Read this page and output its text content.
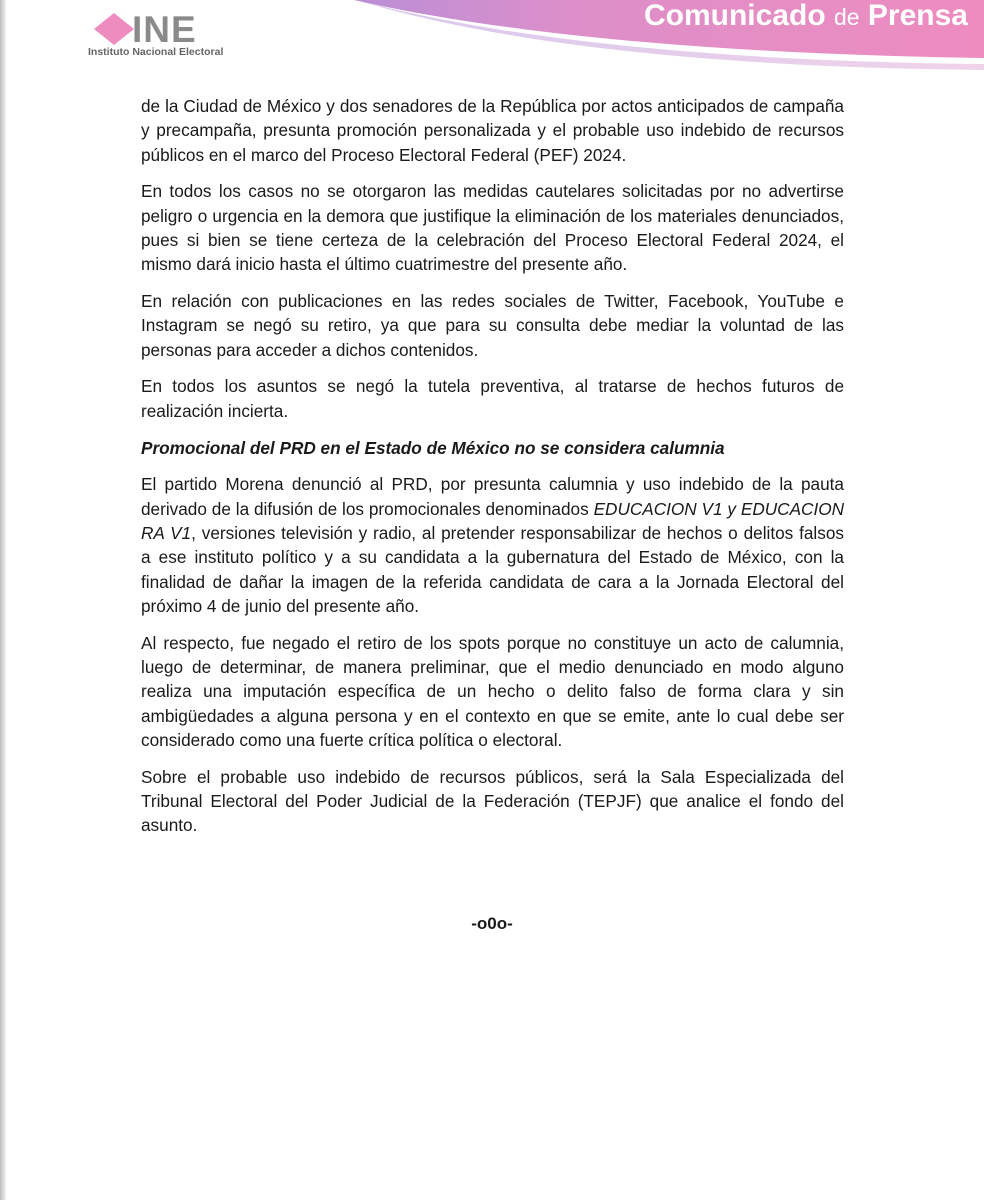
Comunicado de Prensa
INE
Instituto Nacional Electoral

de la Ciudad de México y dos senadores de la República por actos anticipados de campaña y precampaña, presunta promoción personalizada y el probable uso indebido de recursos públicos en el marco del Proceso Electoral Federal (PEF) 2024.

En todos los casos no se otorgaron las medidas cautelares solicitadas por no advertirse peligro o urgencia en la demora que justifique la eliminación de los materiales denunciados, pues si bien se tiene certeza de la celebración del Proceso Electoral Federal 2024, el mismo dará inicio hasta el último cuatrimestre del presente año.

En relación con publicaciones en las redes sociales de Twitter, Facebook, YouTube e Instagram se negó su retiro, ya que para su consulta debe mediar la voluntad de las personas para acceder a dichos contenidos.

En todos los asuntos se negó la tutela preventiva, al tratarse de hechos futuros de realización incierta.

Promocional del PRD en el Estado de México no se considera calumnia

El partido Morena denunció al PRD, por presunta calumnia y uso indebido de la pauta derivado de la difusión de los promocionales denominados EDUCACION V1 y EDUCACION RA V1, versiones televisión y radio, al pretender responsabilizar de hechos o delitos falsos a ese instituto político y a su candidata a la gubernatura del Estado de México, con la finalidad de dañar la imagen de la referida candidata de cara a la Jornada Electoral del próximo 4 de junio del presente año.

Al respecto, fue negado el retiro de los spots porque no constituye un acto de calumnia, luego de determinar, de manera preliminar, que el medio denunciado en modo alguno realiza una imputación específica de un hecho o delito falso de forma clara y sin ambigüedades a alguna persona y en el contexto en que se emite, ante lo cual debe ser considerado como una fuerte crítica política o electoral.

Sobre el probable uso indebido de recursos públicos, será la Sala Especializada del Tribunal Electoral del Poder Judicial de la Federación (TEPJF) que analice el fondo del asunto.

-o0o-
